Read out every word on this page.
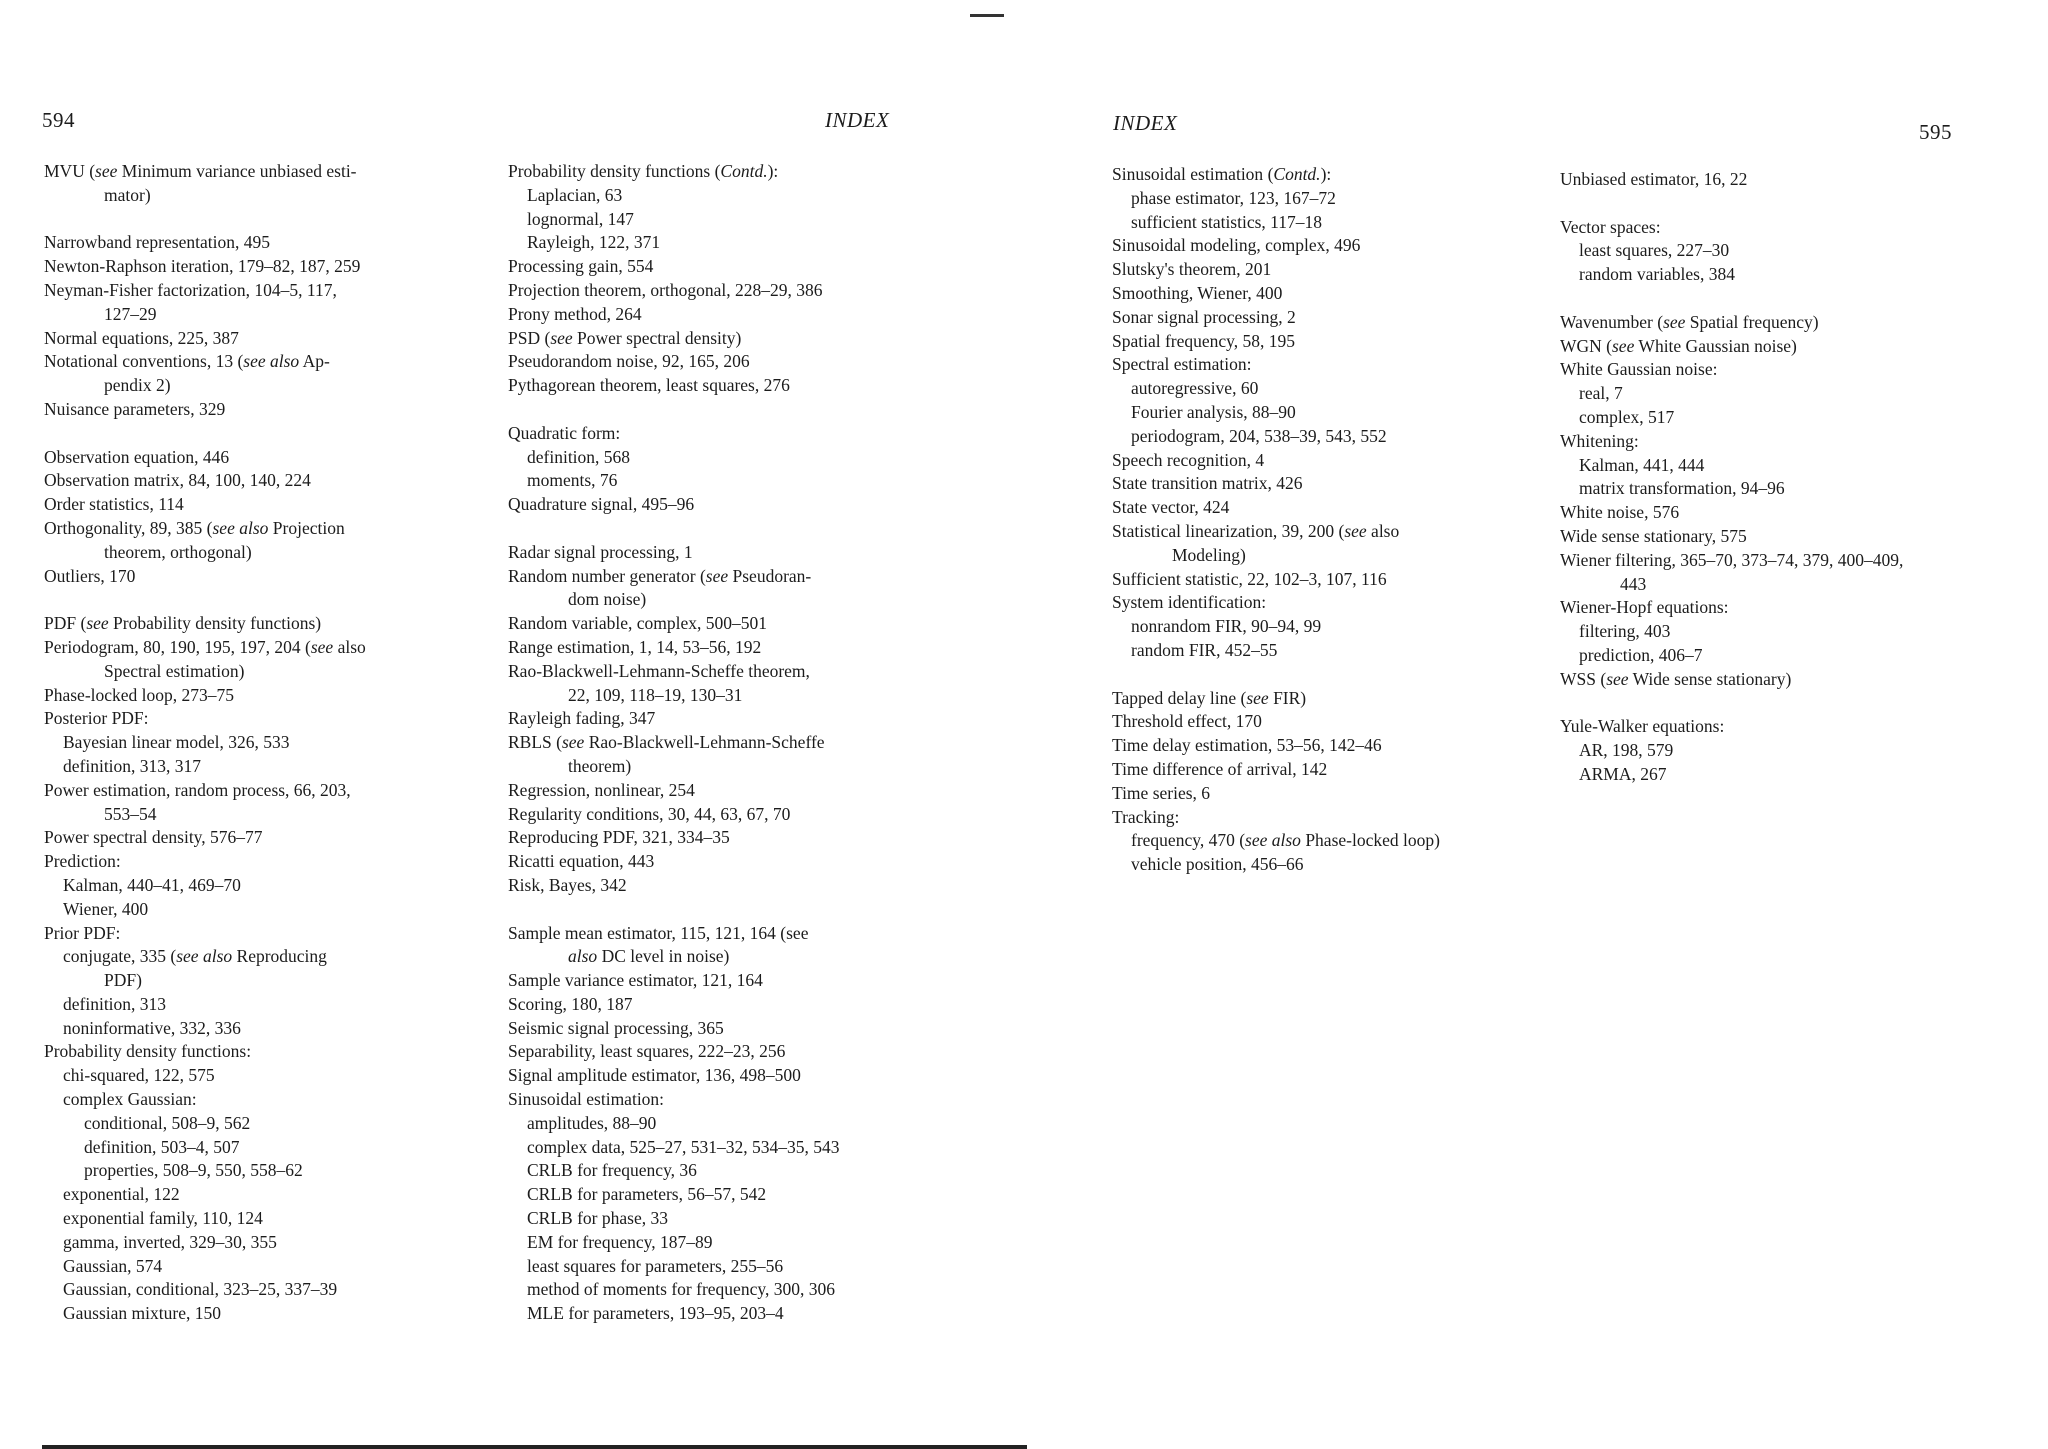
594	INDEX
MVU (see Minimum variance unbiased esti-
mator)
Narrowband representation, 495
Newton-Raphson iteration, 179–82, 187, 259
Neyman-Fisher factorization, 104–5, 117,
127–29
Normal equations, 225, 387
Notational conventions, 13 (see also Ap-
pendix 2)
Nuisance parameters, 329
Observation equation, 446
Observation matrix, 84, 100, 140, 224
Order statistics, 114
Orthogonality, 89, 385 (see also Projection
theorem, orthogonal)
Outliers, 170
PDF (see Probability density functions)
Periodogram, 80, 190, 195, 197, 204 (see also
Spectral estimation)
Phase-locked loop, 273–75
Posterior PDF:
Bayesian linear model, 326, 533
definition, 313, 317
Power estimation, random process, 66, 203,
553–54
Power spectral density, 576–77
Prediction:
Kalman, 440–41, 469–70
Wiener, 400
Prior PDF:
conjugate, 335 (see also Reproducing
PDF)
definition, 313
noninformative, 332, 336
Probability density functions:
chi-squared, 122, 575
complex Gaussian:
conditional, 508–9, 562
definition, 503–4, 507
properties, 508–9, 550, 558–62
exponential, 122
exponential family, 110, 124
gamma, inverted, 329–30, 355
Gaussian, 574
Gaussian, conditional, 323–25, 337–39
Gaussian mixture, 150
Probability density functions (Contd.):
Laplacian, 63
lognormal, 147
Rayleigh, 122, 371
Processing gain, 554
Projection theorem, orthogonal, 228–29, 386
Prony method, 264
PSD (see Power spectral density)
Pseudorandom noise, 92, 165, 206
Pythagorean theorem, least squares, 276
Quadratic form:
definition, 568
moments, 76
Quadrature signal, 495–96
Radar signal processing, 1
Random number generator (see Pseudoran-
dom noise)
Random variable, complex, 500–501
Range estimation, 1, 14, 53–56, 192
Rao-Blackwell-Lehmann-Scheffe theorem,
22, 109, 118–19, 130–31
Rayleigh fading, 347
RBLS (see Rao-Blackwell-Lehmann-Scheffe
theorem)
Regression, nonlinear, 254
Regularity conditions, 30, 44, 63, 67, 70
Reproducing PDF, 321, 334–35
Ricatti equation, 443
Risk, Bayes, 342
Sample mean estimator, 115, 121, 164 (see
also DC level in noise)
Sample variance estimator, 121, 164
Scoring, 180, 187
Seismic signal processing, 365
Separability, least squares, 222–23, 256
Signal amplitude estimator, 136, 498–500
Sinusoidal estimation:
amplitudes, 88–90
complex data, 525–27, 531–32, 534–35, 543
CRLB for frequency, 36
CRLB for parameters, 56–57, 542
CRLB for phase, 33
EM for frequency, 187–89
least squares for parameters, 255–56
method of moments for frequency, 300, 306
MLE for parameters, 193–95, 203–4
INDEX	595
Sinusoidal estimation (Contd.):
phase estimator, 123, 167–72
sufficient statistics, 117–18
Sinusoidal modeling, complex, 496
Slutsky's theorem, 201
Smoothing, Wiener, 400
Sonar signal processing, 2
Spatial frequency, 58, 195
Spectral estimation:
autoregressive, 60
Fourier analysis, 88–90
periodogram, 204, 538–39, 543, 552
Speech recognition, 4
State transition matrix, 426
State vector, 424
Statistical linearization, 39, 200 (see also
Modeling)
Sufficient statistic, 22, 102–3, 107, 116
System identification:
nonrandom FIR, 90–94, 99
random FIR, 452–55
Tapped delay line (see FIR)
Threshold effect, 170
Time delay estimation, 53–56, 142–46
Time difference of arrival, 142
Time series, 6
Tracking:
frequency, 470 (see also Phase-locked loop)
vehicle position, 456–66
Unbiased estimator, 16, 22
Vector spaces:
least squares, 227–30
random variables, 384
Wavenumber (see Spatial frequency)
WGN (see White Gaussian noise)
White Gaussian noise:
real, 7
complex, 517
Whitening:
Kalman, 441, 444
matrix transformation, 94–96
White noise, 576
Wide sense stationary, 575
Wiener filtering, 365–70, 373–74, 379, 400–409,
443
Wiener-Hopf equations:
filtering, 403
prediction, 406–7
WSS (see Wide sense stationary)
Yule-Walker equations:
AR, 198, 579
ARMA, 267
